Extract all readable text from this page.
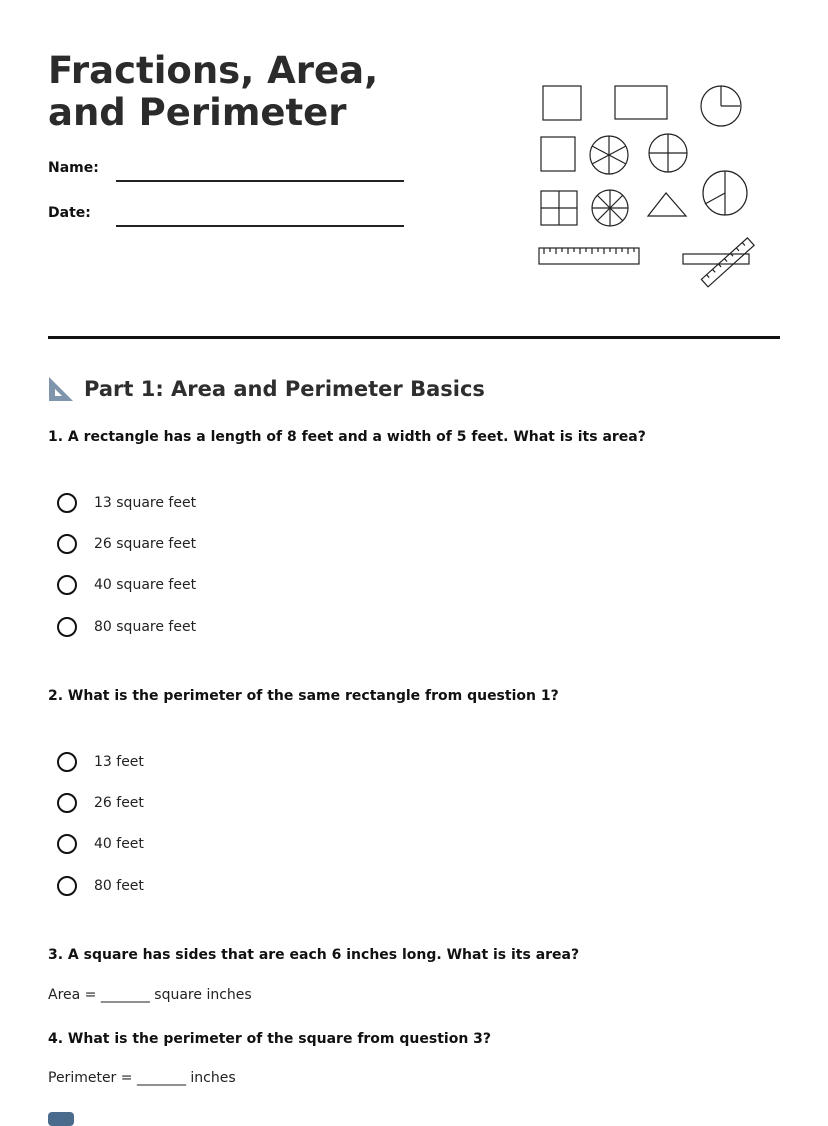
Fractions, Area, and Perimeter
Name:
Date:
Part 1: Area and Perimeter Basics
1. A rectangle has a length of 8 feet and a width of 5 feet. What is its area?
13 square feet
26 square feet
40 square feet
80 square feet
2. What is the perimeter of the same rectangle from question 1?
13 feet
26 feet
40 feet
80 feet
3. A square has sides that are each 6 inches long. What is its area?
Area = _______ square inches
4. What is the perimeter of the square from question 3?
Perimeter = _______ inches
